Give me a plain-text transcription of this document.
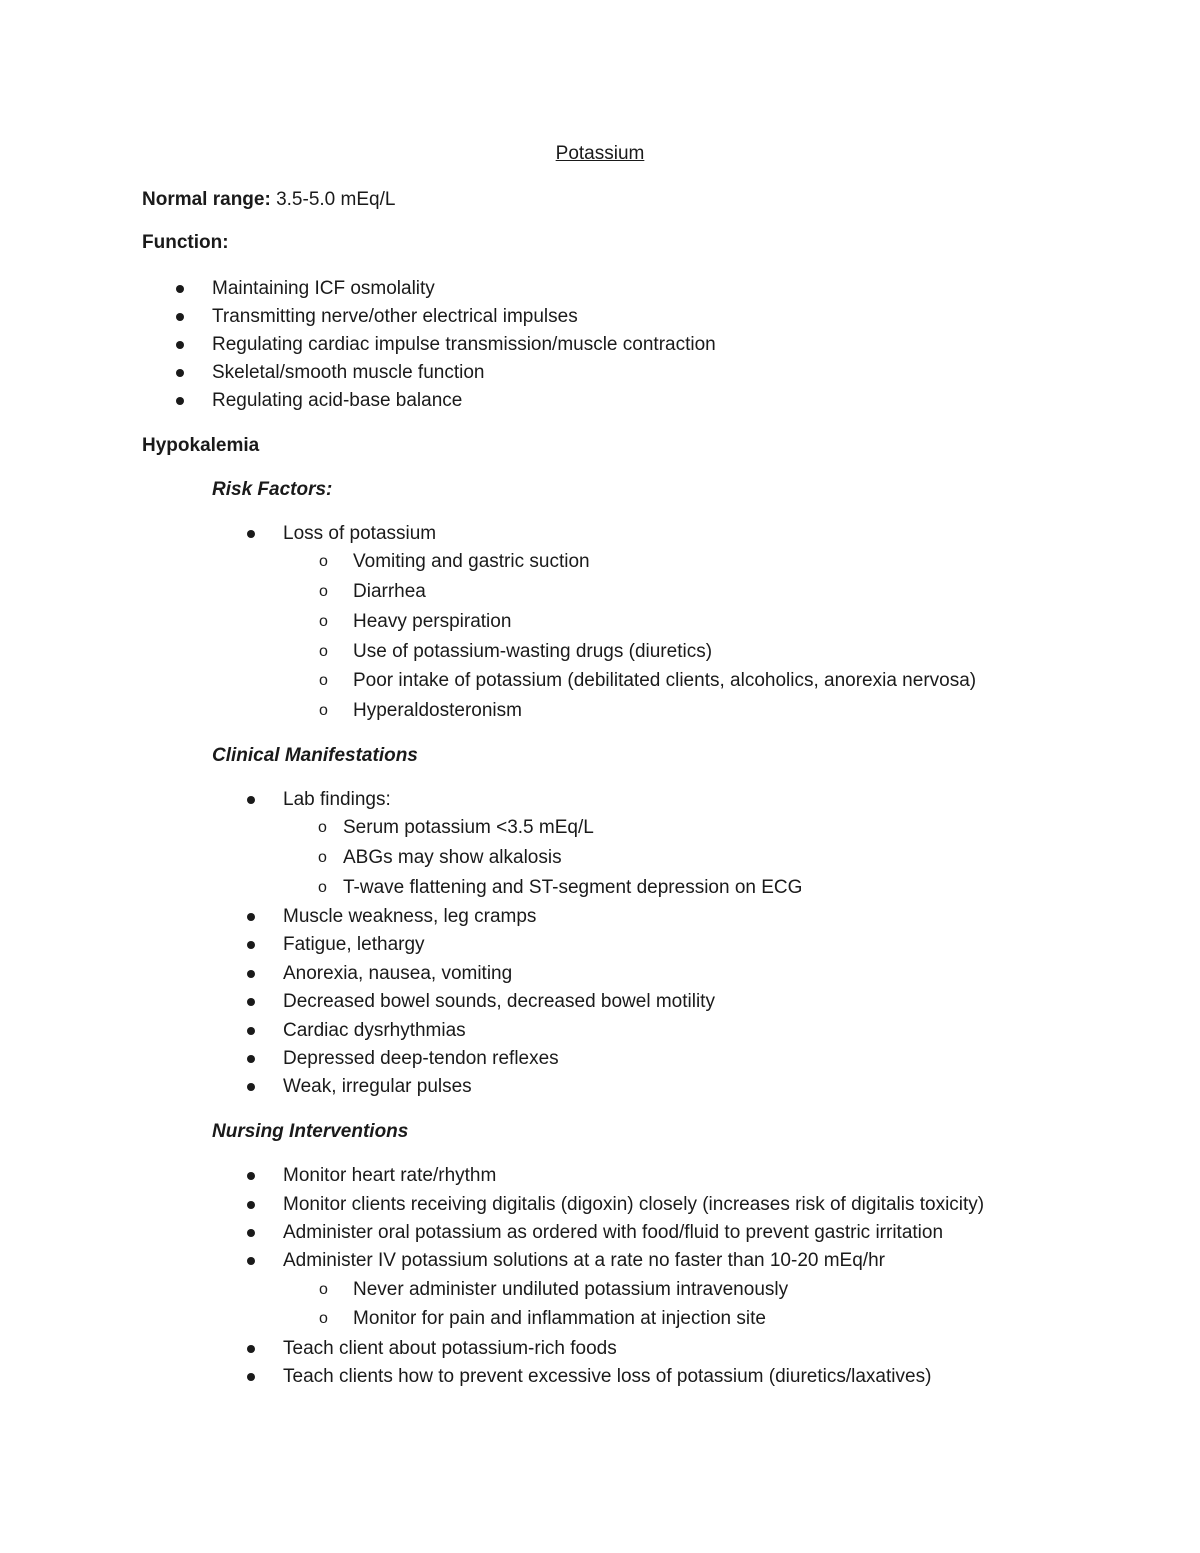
Potassium
Normal range: 3.5-5.0 mEq/L
Function:
Maintaining ICF osmolality
Transmitting nerve/other electrical impulses
Regulating cardiac impulse transmission/muscle contraction
Skeletal/smooth muscle function
Regulating acid-base balance
Hypokalemia
Risk Factors:
Loss of potassium
o Vomiting and gastric suction
o Diarrhea
o Heavy perspiration
o Use of potassium-wasting drugs (diuretics)
o Poor intake of potassium (debilitated clients, alcoholics, anorexia nervosa)
o Hyperaldosteronism
Clinical Manifestations
Lab findings:
o Serum potassium <3.5 mEq/L
o ABGs may show alkalosis
o T-wave flattening and ST-segment depression on ECG
Muscle weakness, leg cramps
Fatigue, lethargy
Anorexia, nausea, vomiting
Decreased bowel sounds, decreased bowel motility
Cardiac dysrhythmias
Depressed deep-tendon reflexes
Weak, irregular pulses
Nursing Interventions
Monitor heart rate/rhythm
Monitor clients receiving digitalis (digoxin) closely (increases risk of digitalis toxicity)
Administer oral potassium as ordered with food/fluid to prevent gastric irritation
Administer IV potassium solutions at a rate no faster than 10-20 mEq/hr
o Never administer undiluted potassium intravenously
o Monitor for pain and inflammation at injection site
Teach client about potassium-rich foods
Teach clients how to prevent excessive loss of potassium (diuretics/laxatives)
